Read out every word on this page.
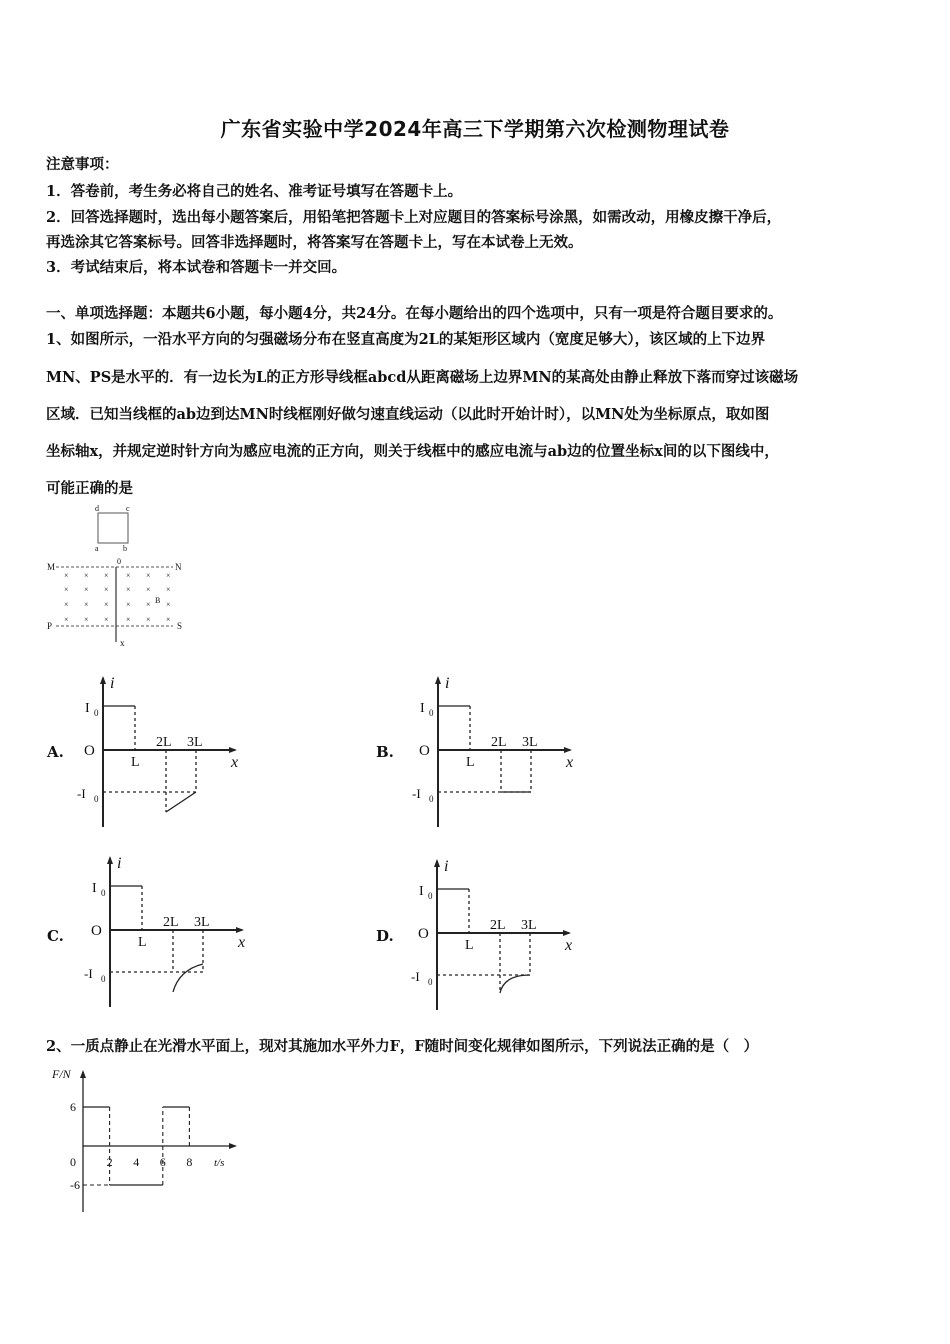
广东省实验中学2024年高三下学期第六次检测物理试卷
注意事项：
1．答卷前，考生务必将自己的姓名、准考证号填写在答题卡上。
2．回答选择题时，选出每小题答案后，用铅笔把答题卡上对应题目的答案标号涂黑，如需改动，用橡皮擦干净后，
再选涂其它答案标号。回答非选择题时，将答案写在答题卡上，写在本试卷上无效。
3．考试结束后，将本试卷和答题卡一并交回。
一、单项选择题：本题共6小题，每小题4分，共24分。在每小题给出的四个选项中，只有一项是符合题目要求的。
1、如图所示，一沿水平方向的匀强磁场分布在竖直高度为2L的某矩形区域内（宽度足够大），该区域的上下边界
MN、PS是水平的．有一边长为L的正方形导线框abcd从距离磁场上边界MN的某高处由静止释放下落而穿过该磁场
区域．已知当线框的ab边到达MN时线框刚好做匀速直线运动（以此时开始计时），以MN处为坐标原点，取如图
坐标轴x，并规定逆时针方向为感应电流的正方向，则关于线框中的感应电流与ab边的位置坐标x间的以下图线中，
可能正确的是
d	c
a	b
M	N
P	S
0
x
B
× × × × × ×
× × × × × ×
× × × × × ×
× × × × × ×
A.
i
I 0
-I 0
O
L
2L 3L
x
B.
i
I 0
-I 0
O
L
2L 3L
x
C.
i
I 0
-I 0
O
L
2L 3L
x	D.
i
I 0
-I 0
O
L
2L 3L
x
2、一质点静止在光滑水平面上，现对其施加水平外力F，F随时间变化规律如图所示，下列说法正确的是（　）
F/N
t/s
6
0
-6
2 4 6 8
